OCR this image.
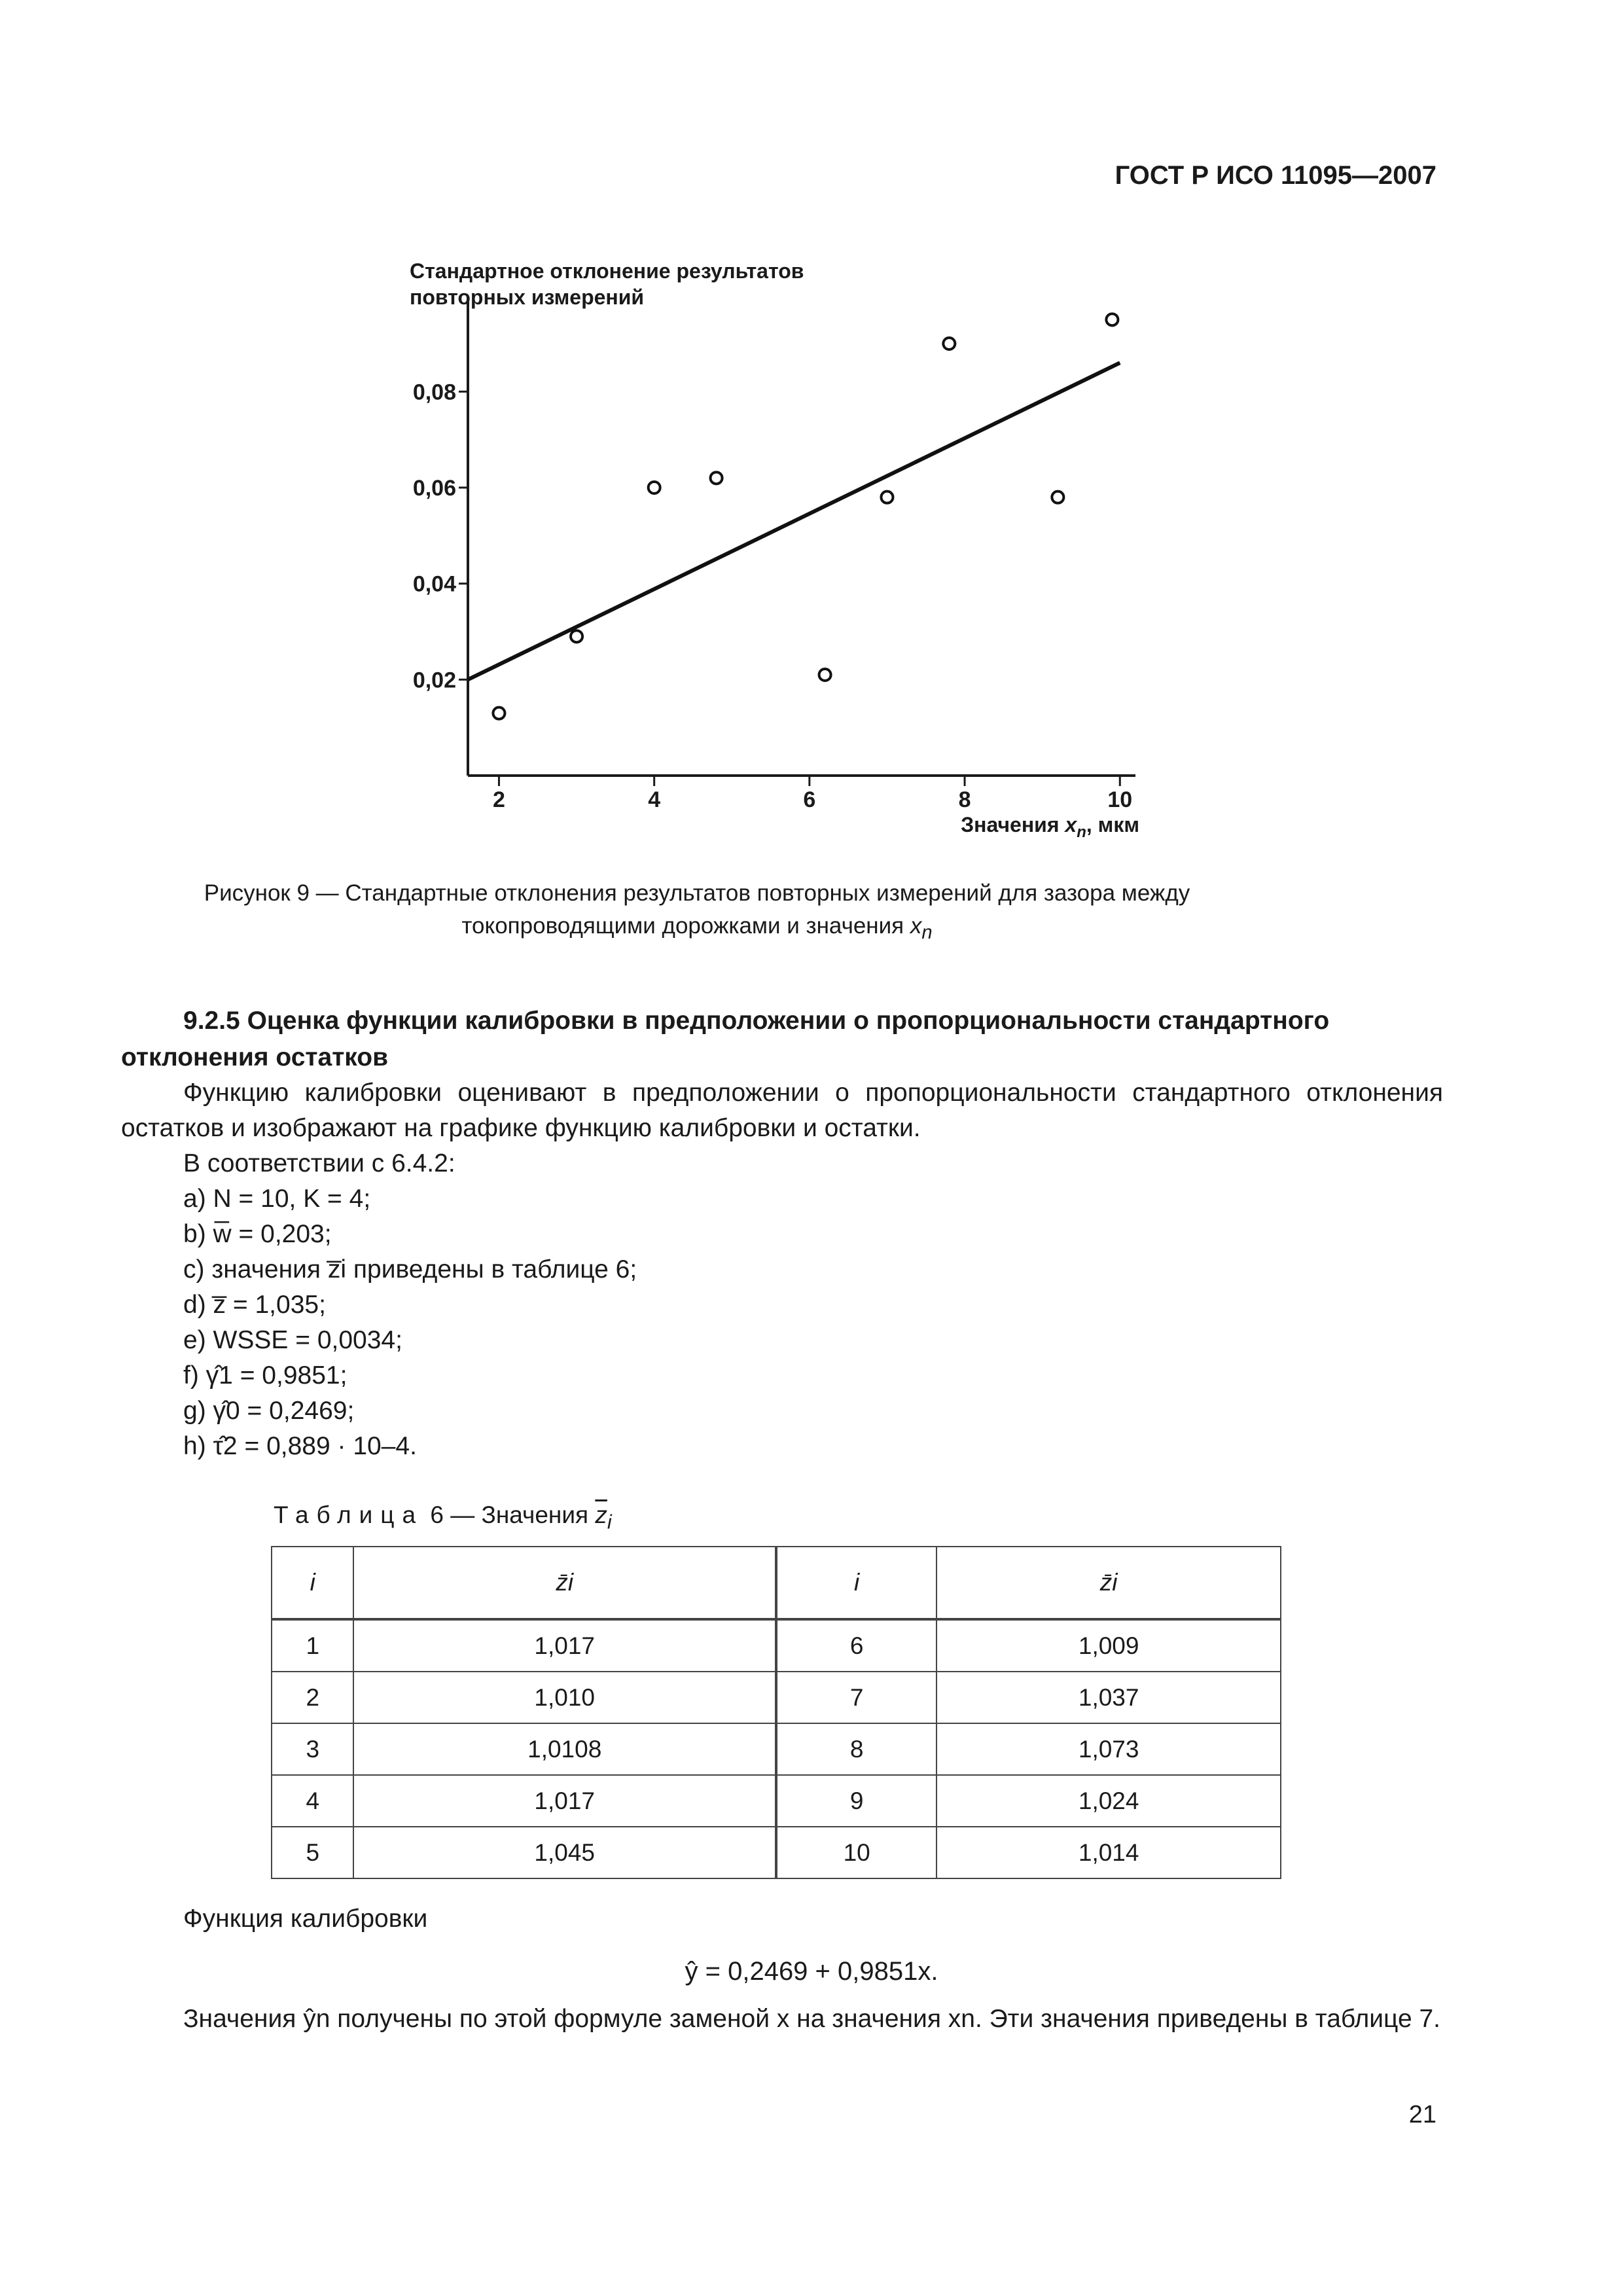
ГОСТ Р ИСО 11095—2007
0,02
0,04
0,06
0,08
2	4	6	8	10
Стандартное отклонение результатов
повторных измерений
Значения $x_n$, мкм
Рисунок 9 — Стандартные отклонения результатов повторных измерений для зазора между
токопроводящими дорожками и значения $x_n$
9.2.5 Оценка функции калибровки в предположении о пропорциональности стандартного отклонения остатков
Функцию калибровки оценивают в предположении о пропорциональности стандартного отклонения остатков и изображают на графике функцию калибровки и остатки.
В соответствии с 6.4.2:
a) N = 10, K = 4;
b) w̅ = 0,203;
c) значения z̅i приведены в таблице 6;
d) z̅ = 1,035;
e) WSSE = 0,0034;
f) γ̂1 = 0,9851;
g) γ̂0 = 0,2469;
h) τ̂2 = 0,889 · 10–4.
Таблица 6 — Значения $\overline{z}_i$
i	z̄i	i	z̄i
1	1,017	6	1,009
2	1,010	7	1,037
3	1,0108	8	1,073
4	1,017	9	1,024
5	1,045	10	1,014
Функция калибровки
ŷ = 0,2469 + 0,9851x.
Значения ŷn получены по этой формуле заменой x на значения xn. Эти значения приведены в таблице 7.
21
